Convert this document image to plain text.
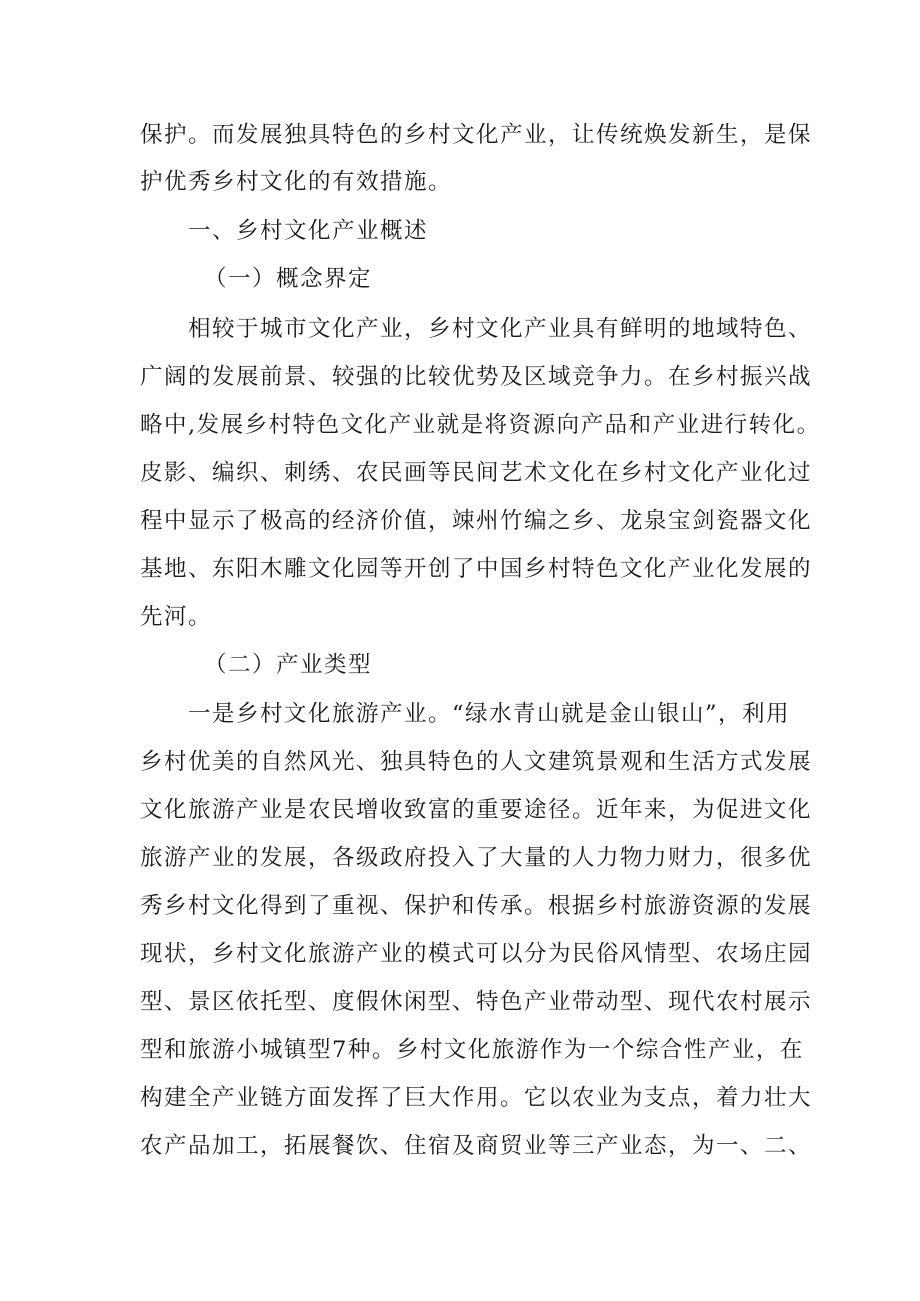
保护。而发展独具特色的乡村文化产业，让传统焕发新生，是保
护优秀乡村文化的有效措施。
一、乡村文化产业概述
（一）概念界定
相较于城市文化产业，乡村文化产业具有鲜明的地域特色、
广阔的发展前景、较强的比较优势及区域竞争力。在乡村振兴战
略中,发展乡村特色文化产业就是将资源向产品和产业进行转化。
皮影、编织、刺绣、农民画等民间艺术文化在乡村文化产业化过
程中显示了极高的经济价值，竦州竹编之乡、龙泉宝剑瓷器文化
基地、东阳木雕文化园等开创了中国乡村特色文化产业化发展的
先河。
（二）产业类型
一是乡村文化旅游产业。“绿水青山就是金山银山”，利用
乡村优美的自然风光、独具特色的人文建筑景观和生活方式发展
文化旅游产业是农民增收致富的重要途径。近年来，为促进文化
旅游产业的发展，各级政府投入了大量的人力物力财力，很多优
秀乡村文化得到了重视、保护和传承。根据乡村旅游资源的发展
现状，乡村文化旅游产业的模式可以分为民俗风情型、农场庄园
型、景区依托型、度假休闲型、特色产业带动型、现代农村展示
型和旅游小城镇型7种。乡村文化旅游作为一个综合性产业，在
构建全产业链方面发挥了巨大作用。它以农业为支点，着力壮大
农产品加工，拓展餐饮、住宿及商贸业等三产业态，为一、二、
